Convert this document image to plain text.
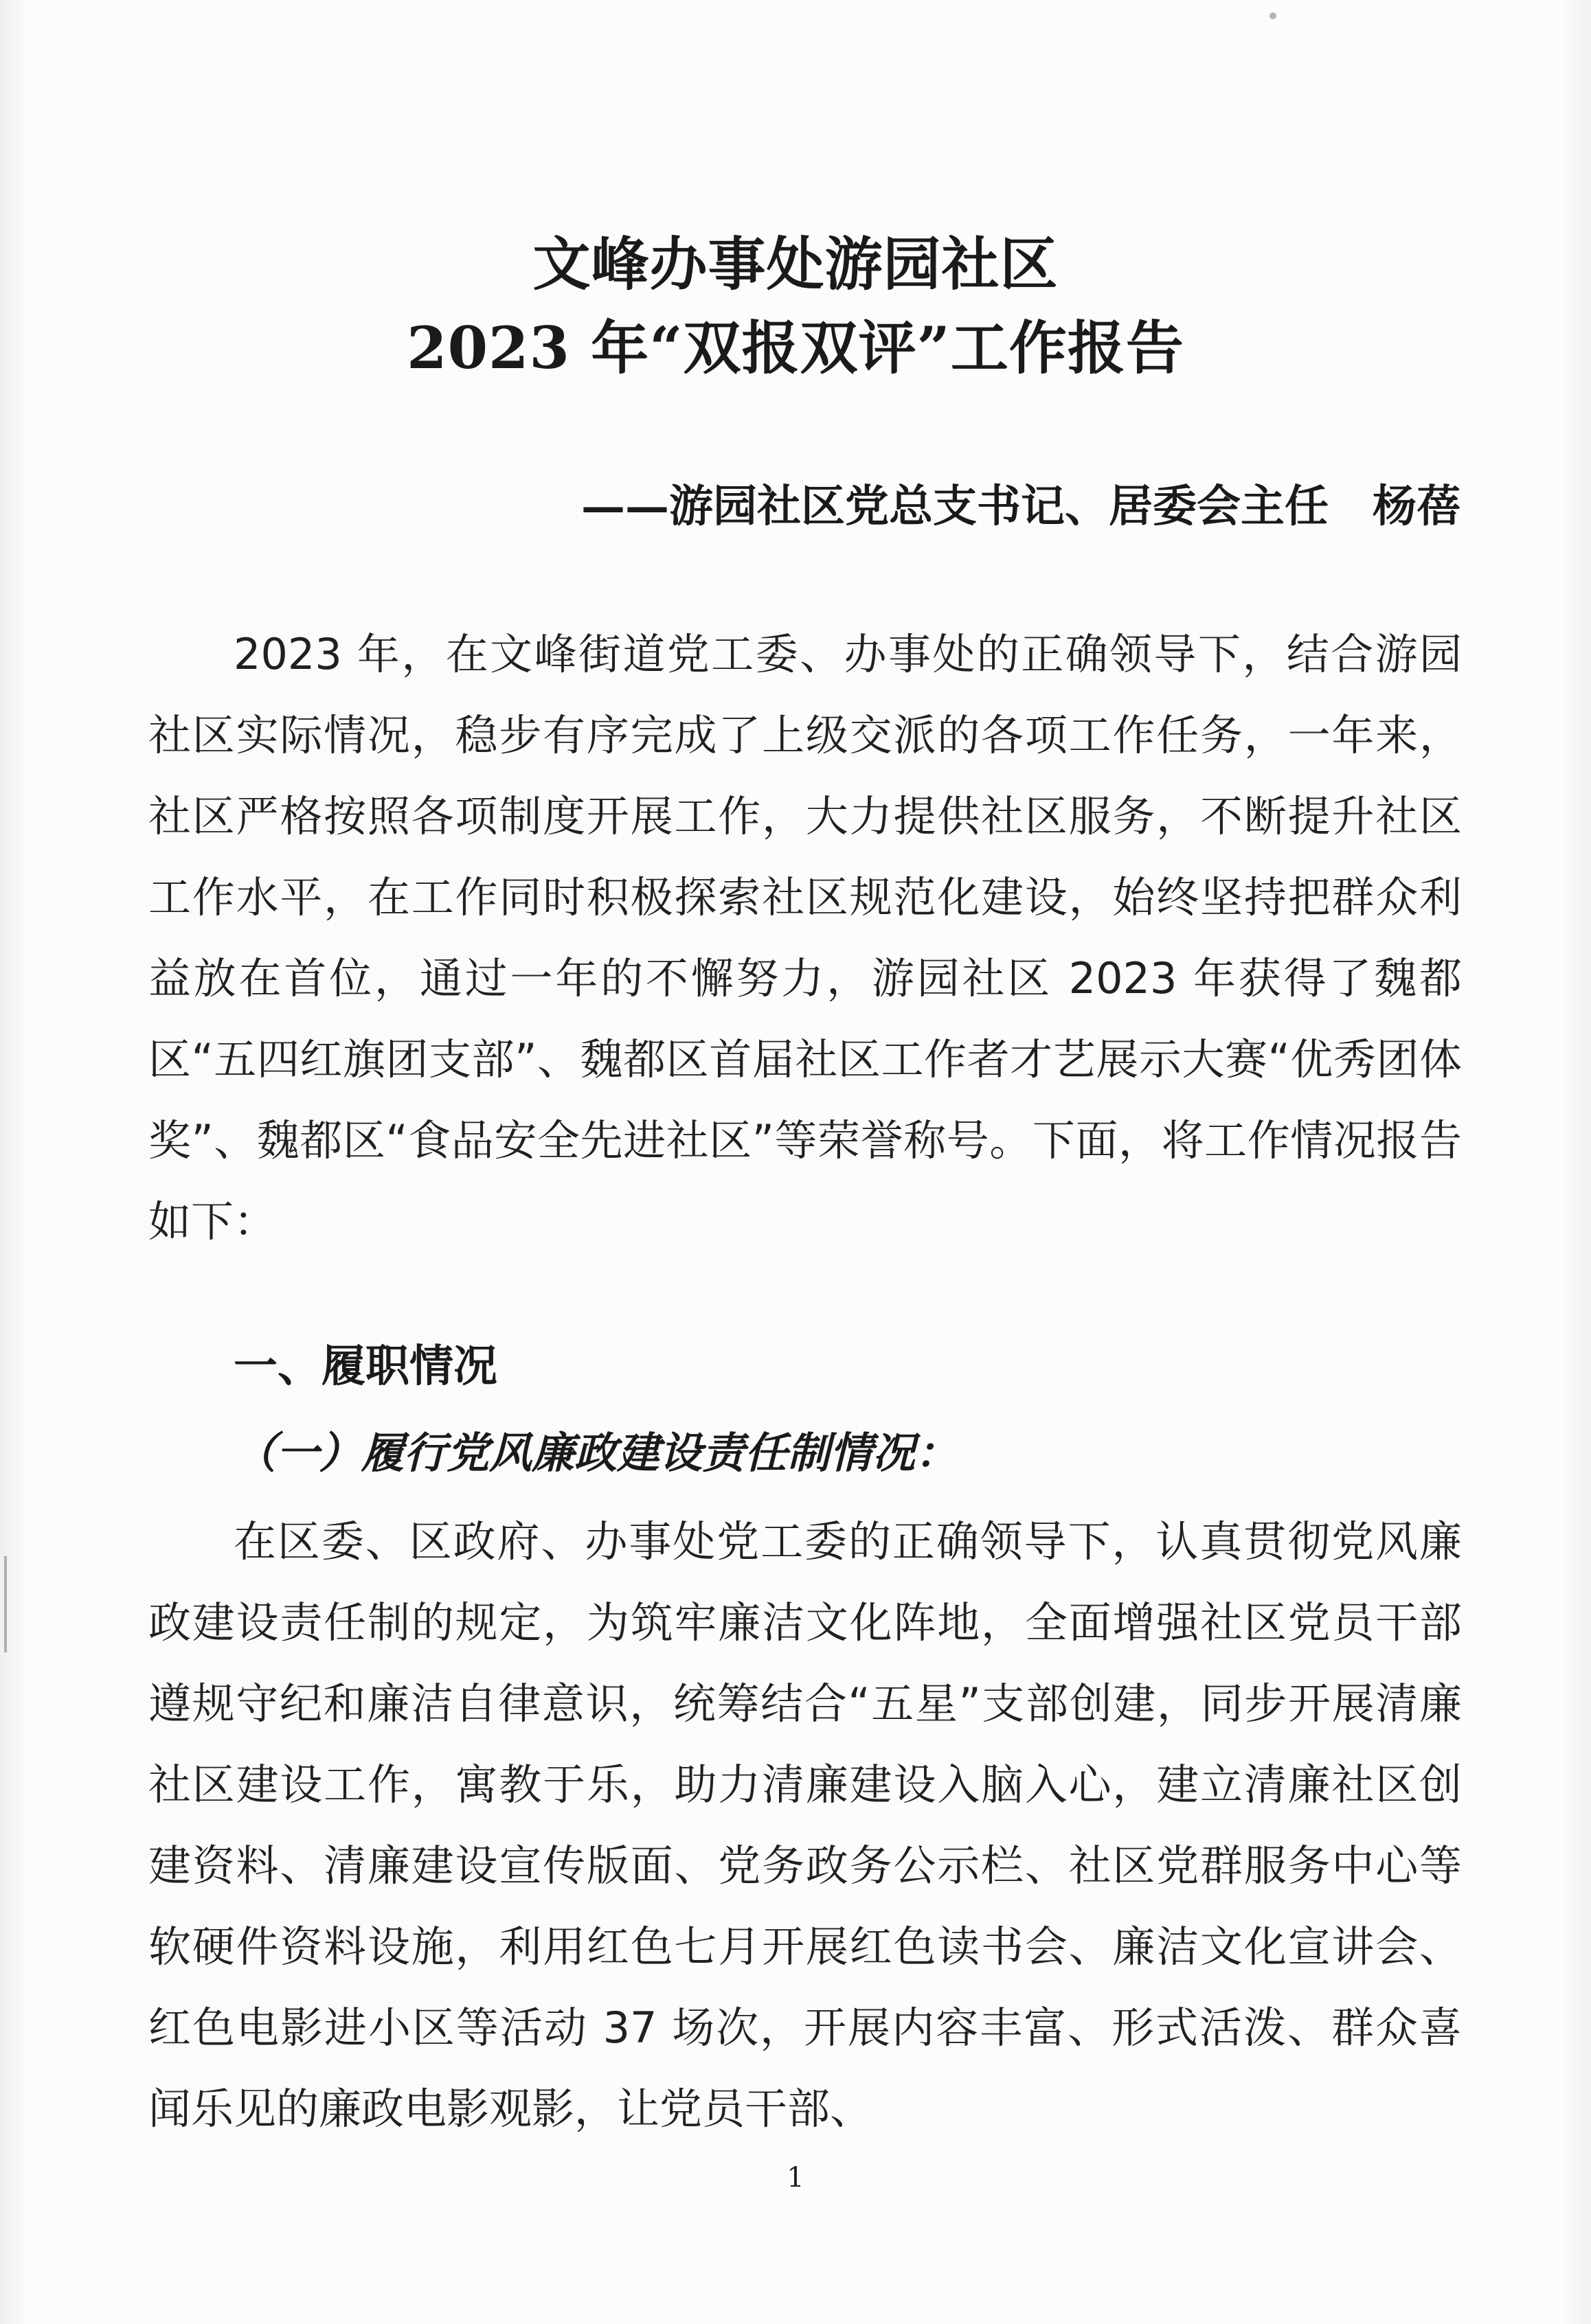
文峰办事处游园社区
2023 年“双报双评”工作报告
——游园社区党总支书记、居委会主任　杨蓓

2023 年，在文峰街道党工委、办事处的正确领导下，结合游园社区实际情况，稳步有序完成了上级交派的各项工作任务，一年来，社区严格按照各项制度开展工作，大力提供社区服务，不断提升社区工作水平，在工作同时积极探索社区规范化建设，始终坚持把群众利益放在首位，通过一年的不懈努力，游园社区 2023 年获得了魏都区“五四红旗团支部”、魏都区首届社区工作者才艺展示大赛“优秀团体奖”、魏都区“食品安全先进社区”等荣誉称号。下面，将工作情况报告如下：

一、履职情况
（一）履行党风廉政建设责任制情况：

在区委、区政府、办事处党工委的正确领导下，认真贯彻党风廉政建设责任制的规定，为筑牢廉洁文化阵地，全面增强社区党员干部遵规守纪和廉洁自律意识，统筹结合“五星”支部创建，同步开展清廉社区建设工作，寓教于乐，助力清廉建设入脑入心，建立清廉社区创建资料、清廉建设宣传版面、党务政务公示栏、社区党群服务中心等软硬件资料设施，利用红色七月开展红色读书会、廉洁文化宣讲会、红色电影进小区等活动 37 场次，开展内容丰富、形式活泼、群众喜闻乐见的廉政电影观影，让党员干部、

1
